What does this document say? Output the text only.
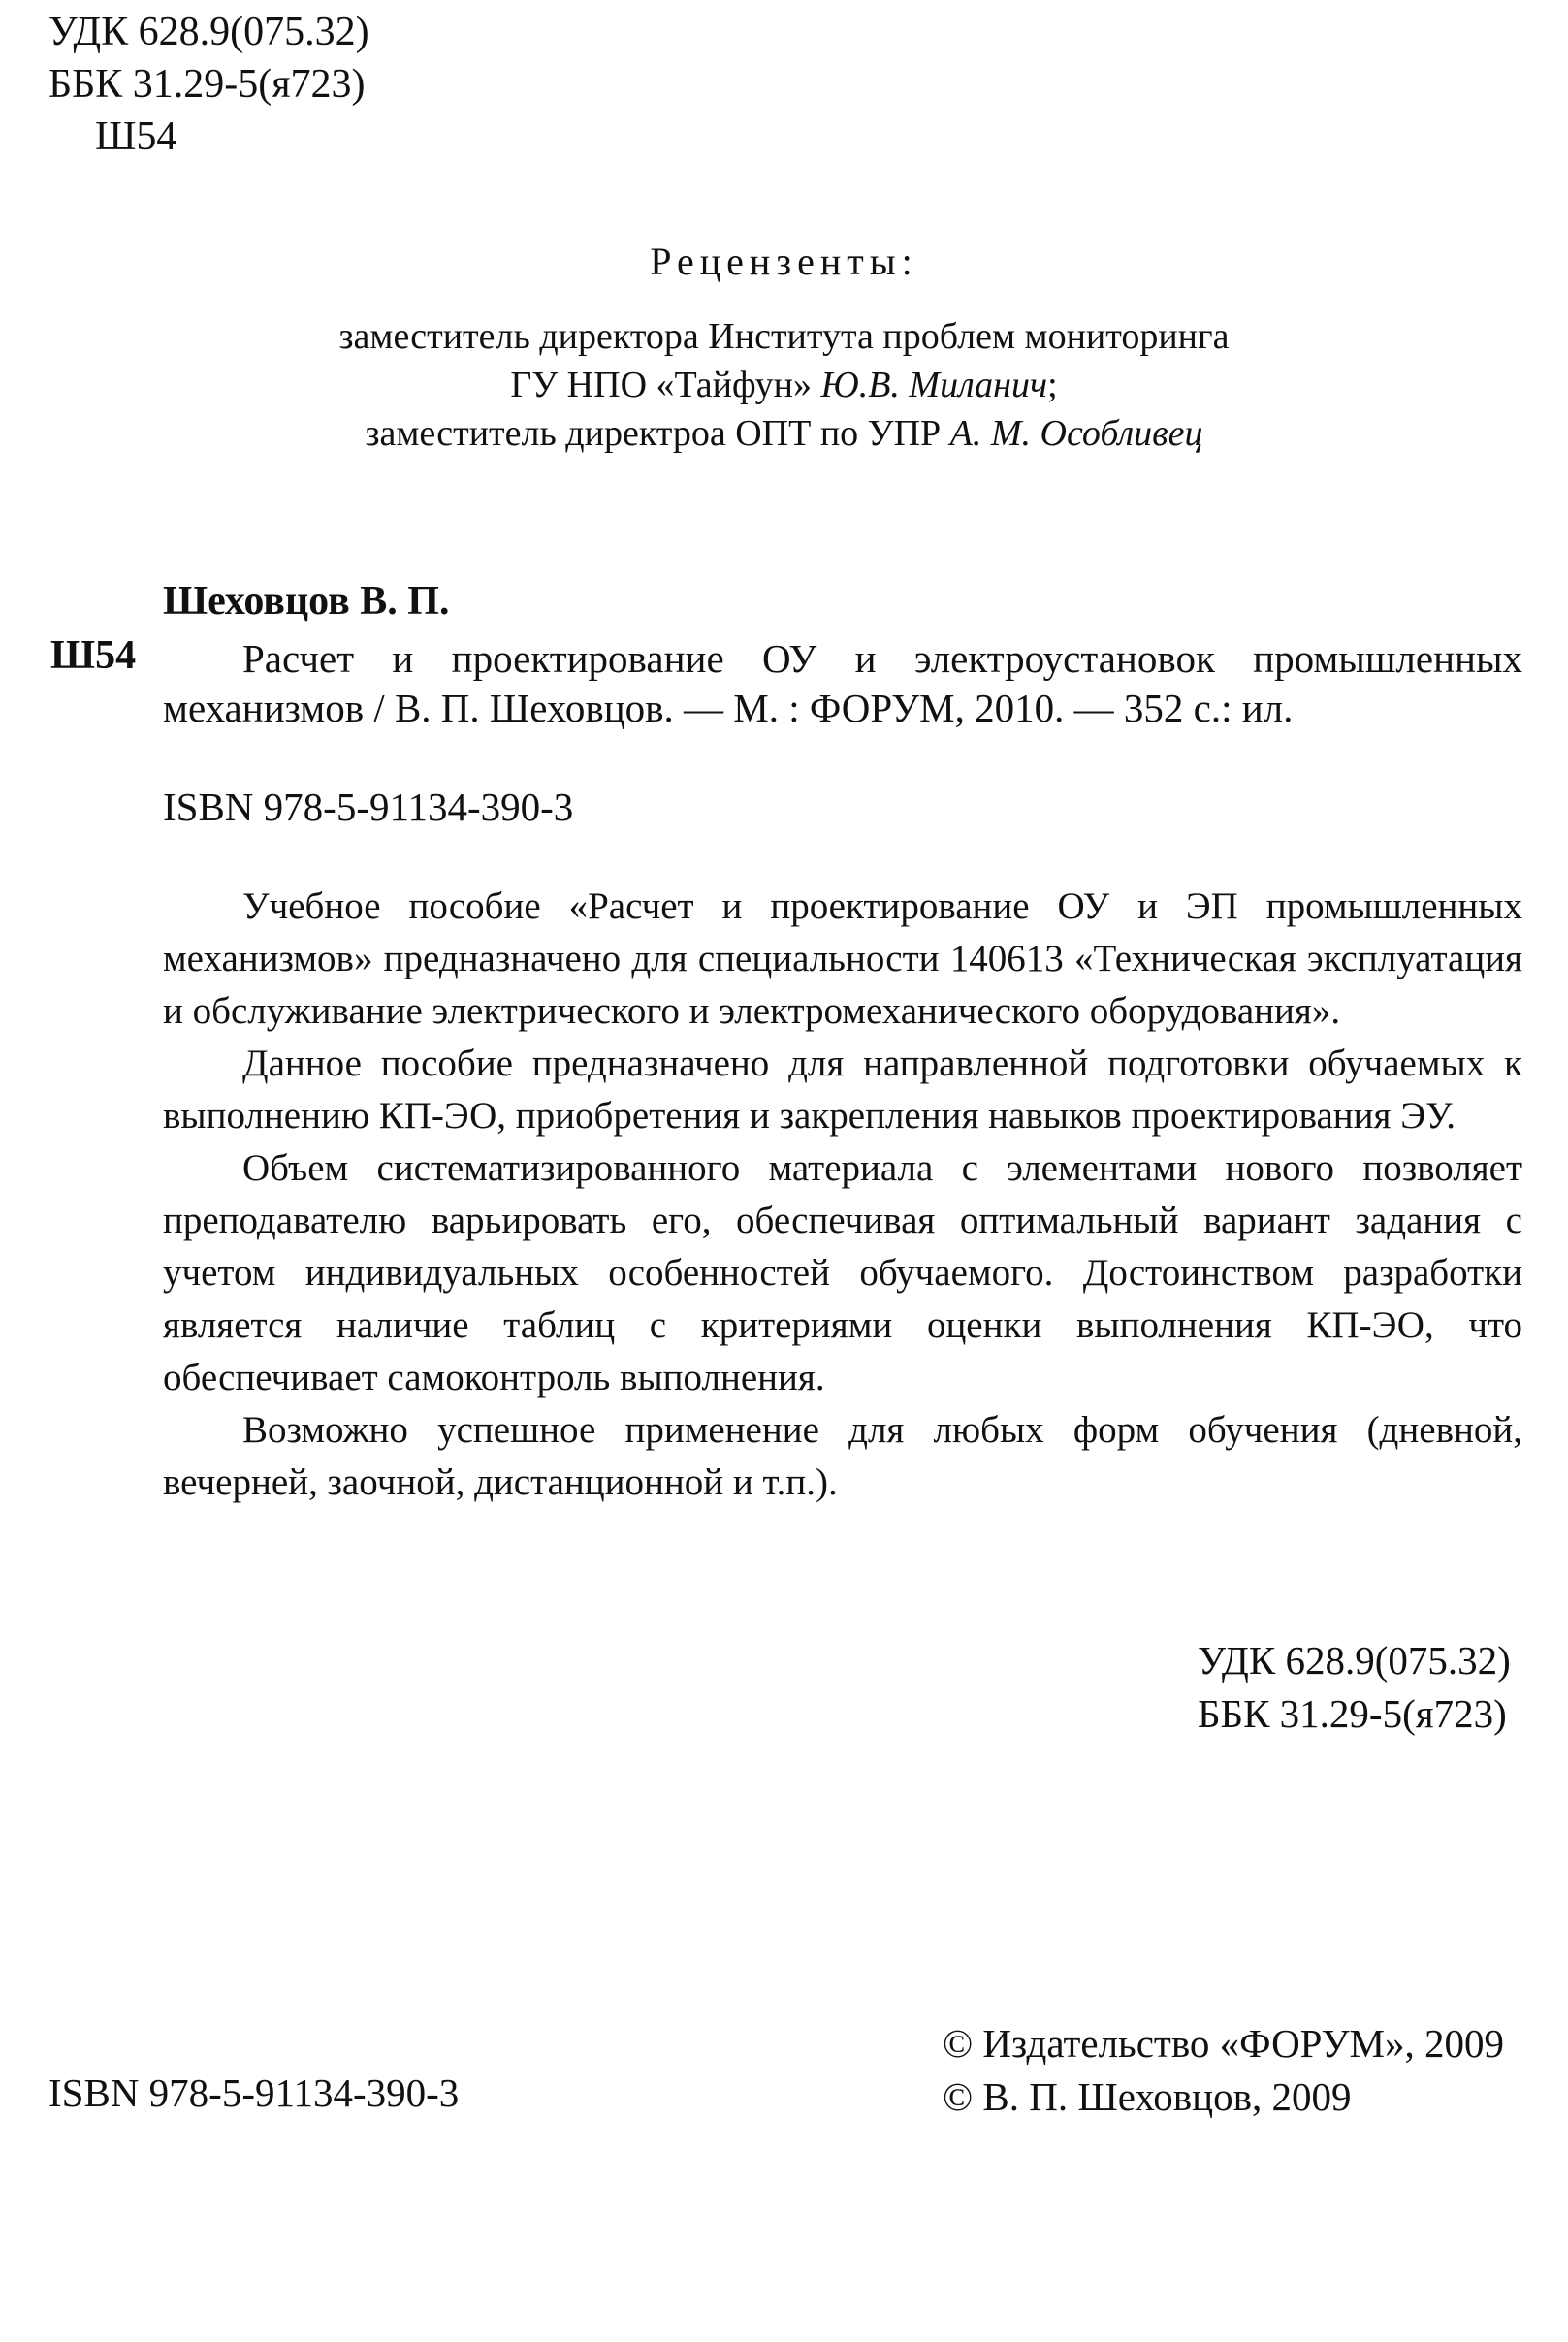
УДК 628.9(075.32)
ББК 31.29-5(я723)
Ш54
Рецензенты:
заместитель директора Института проблем мониторинга
ГУ НПО «Тайфун» Ю.В. Миланич;
заместитель директроа ОПТ по УПР А. М. Особливец
Шеховцов В. П.
Ш54	Расчет и проектирование ОУ и электроустановок промышленных
механизмов / В. П. Шеховцов. — М. : ФОРУМ, 2010. — 352 с.: ил.
ISBN 978-5-91134-390-3

Учебное пособие «Расчет и проектирование ОУ и ЭП промышленных механизмов» предназначено для специальности 140613 «Техническая эксплуатация и обслуживание электрического и электромеханического оборудования».

Данное пособие предназначено для направленной подготовки обучаемых к выполнению КП-ЭО, приобретения и закрепления навыков проектирования ЭУ.

Объем систематизированного материала с элементами нового позволяет преподавателю варьировать его, обеспечивая оптимальный вариант задания с учетом индивидуальных особенностей обучаемого. Достоинством разработки является наличие таблиц с критериями оценки выполнения КП-ЭО, что обеспечивает самоконтроль выполнения.

Возможно успешное применение для любых форм обучения (дневной, вечерней, заочной, дистанционной и т.п.).

УДК 628.9(075.32)
ББК 31.29-5(я723)
ISBN 978-5-91134-390-3
© Издательство «ФОРУМ», 2009
© В. П. Шеховцов, 2009
